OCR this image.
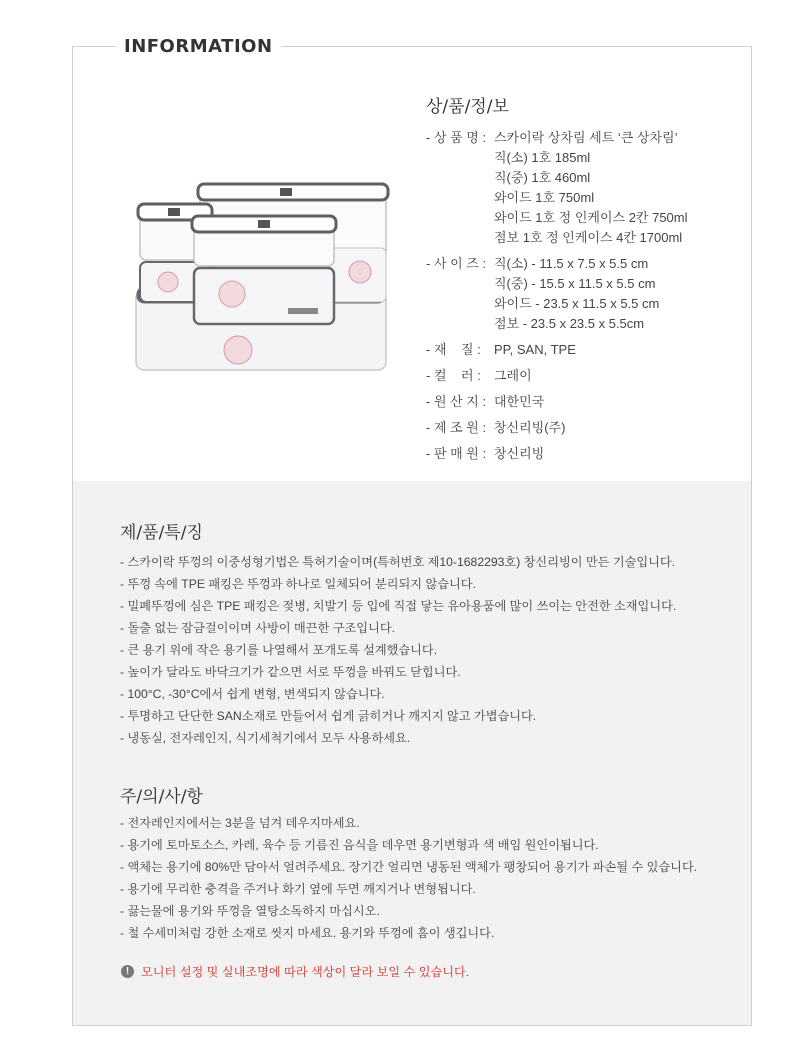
INFORMATION
상/품/정/보
- 상 품 명 : 스카이락 상차림 세트 ‘큰 상차림’
직(소) 1호 185ml
직(중) 1호 460ml
와이드 1호 750ml
와이드 1호 정 인케이스 2칸 750ml
점보 1호 정 인케이스 4칸 1700ml
- 사 이 즈 : 직(소) - 11.5 x 7.5 x 5.5 cm
직(중) - 15.5 x 11.5 x 5.5 cm
와이드 - 23.5 x 11.5 x 5.5 cm
점보 - 23.5 x 23.5 x 5.5cm
- 재    질 :	PP, SAN, TPE
- 컬    러 :	그레이
- 원 산 지 : 대한민국
- 제 조 원 : 창신리빙(주)
- 판 매 원 : 창신리빙
제/품/특/징
- 스카이락 뚜껑의 이중성형기법은 특허기술이며(특허번호 제10-1682293호) 창신리빙이 만든 기술입니다.
- 뚜껑 속에 TPE 패킹은 뚜껑과 하나로 일체되어 분리되지 않습니다.
- 밀폐뚜껑에 심은 TPE 패킹은 젖병, 치발기 등 입에 직접 닿는 유아용품에 많이 쓰이는 안전한 소재입니다.
- 돌출 없는 잠금걸이이며 사방이 매끈한 구조입니다.
- 큰 용기 위에 작은 용기를 나열해서 포개도록 설계했습니다.
- 높이가 달라도 바닥크기가 같으면 서로 뚜껑을 바꿔도 닫힙니다.
- 100°C, -30°C에서 쉽게 변형, 변색되지 않습니다.
- 투명하고 단단한 SAN소재로 만들어서 쉽게 긁히거나 깨지지 않고 가볍습니다.
- 냉동실, 전자레인지, 식기세척기에서 모두 사용하세요.
주/의/사/항
- 전자레인지에서는 3분을 넘겨 데우지마세요.
- 용기에 토마토소스, 카레, 육수 등 기름진 음식을 데우면 용기변형과 색 배임 원인이됩니다.
- 액체는 용기에 80%만 담아서 얼려주세요. 장기간 얼리면 냉동된 액체가 팽창되어 용기가 파손될 수 있습니다.
- 용기에 무리한 충격을 주거나 화기 옆에 두면 깨지거나 변형됩니다.
- 끓는물에 용기와 뚜껑을 열탕소독하지 마십시오.
- 철 수세미처럼 강한 소재로 씻지 마세요. 용기와 뚜껑에 흠이 생깁니다.
! 모니터 설정 및 실내조명에 따라 색상이 달라 보일 수 있습니다.
